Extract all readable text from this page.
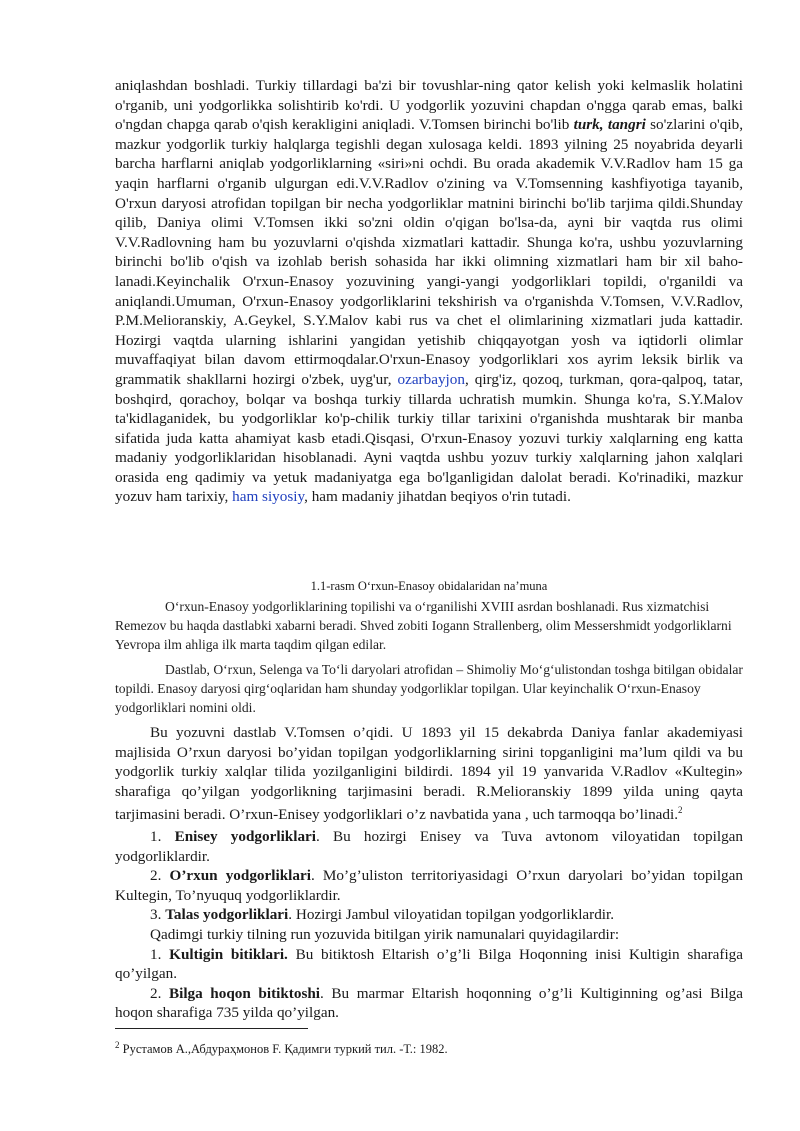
aniqlashdan boshladi. Turkiy tillardagi ba'zi bir tovushlar-ning qator kelish yoki kelmaslik holatini o'rganib, uni yodgorlikka solishtirib ko'rdi. U yodgorlik yozuvini chapdan o'ngga qarab emas, balki o'ngdan chapga qarab o'qish kerakligini aniqladi. V.Tomsen birinchi bo'lib turk, tangri so'zlarini o'qib, mazkur yodgorlik turkiy halqlarga tegishli degan xulosaga keldi. 1893 yilning 25 noyabrida deyarli barcha harflarni aniqlab yodgorliklarning «siri»ni ochdi. Bu orada akademik V.V.Radlov ham 15 ga yaqin harflarni o'rganib ulgurgan edi.V.V.Radlov o'zining va V.Tomsenning kashfiyotiga tayanib, O'rxun daryosi atrofidan topilgan bir necha yodgorliklar matnini birinchi bo'lib tarjima qildi.Shunday qilib, Daniya olimi V.Tomsen ikki so'zni oldin o'qigan bo'lsa-da, ayni bir vaqtda rus olimi V.V.Radlovning ham bu yozuvlarni o'qishda xizmatlari kattadir. Shunga ko'ra, ushbu yozuvlarning birinchi bo'lib o'qish va izohlab berish sohasida har ikki olimning xizmatlari ham bir xil baho-lanadi.Keyinchalik O'rxun-Enasoy yozuvining yangi-yangi yodgorliklari topildi, o'rganildi va aniqlandi.Umuman, O'rxun-Enasoy yodgorliklarini tekshirish va o'rganishda V.Tomsen, V.V.Radlov, P.M.Melioranskiy, A.Geykel, S.Y.Malov kabi rus va chet el olimlarining xizmatlari juda kattadir. Hozirgi vaqtda ularning ishlarini yangidan yetishib chiqqayotgan yosh va iqtidorli olimlar muvaffaqiyat bilan davom ettirmoqdalar.O'rxun-Enasoy yodgorliklari xos ayrim leksik birlik va grammatik shakllarni hozirgi o'zbek, uyg'ur, ozarbayjon, qirg'iz, qozoq, turkman, qora-qalpoq, tatar, boshqird, qorachoy, bolqar va boshqa turkiy tillarda uchratish mumkin. Shunga ko'ra, S.Y.Malov ta'kidlaganidek, bu yodgorliklar ko'p-chilik turkiy tillar tarixini o'rganishda mushtarak bir manba sifatida juda katta ahamiyat kasb etadi.Qisqasi, O'rxun-Enasoy yozuvi turkiy xalqlarning eng katta madaniy yodgorliklaridan hisoblanadi. Ayni vaqtda ushbu yozuv turkiy xalqlarning jahon xalqlari orasida eng qadimiy va yetuk madaniyatga ega bo'lganligidan dalolat beradi. Ko'rinadiki, mazkur yozuv ham tarixiy, ham siyosiy, ham madaniy jihatdan beqiyos o'rin tutadi.

1.1-rasm O‘rxun-Enasoy obidalaridan na’muna

O‘rxun-Enasoy yodgorliklarining topilishi va o‘rganilishi XVIII asrdan boshlanadi. Rus xizmatchisi Remezov bu haqda dastlabki xabarni beradi. Shved zobiti Iogann Strallenberg, olim Messershmidt yodgorliklarni Yevropa ilm ahliga ilk marta taqdim qilgan edilar.

Dastlab, O‘rxun, Selenga va To‘li daryolari atrofidan – Shimoliy Mo‘g‘ulistondan toshga bitilgan obidalar topildi. Enasoy daryosi qirg‘oqlaridan ham shunday yodgorliklar topilgan. Ular keyinchalik O‘rxun-Enasoy yodgorliklari nomini oldi.

Bu yozuvni dastlab V.Tomsen o’qidi. U 1893 yil 15 dekabrda Daniya fanlar akademiyasi majlisida O’rxun daryosi bo’yidan topilgan yodgorliklarning sirini topganligini ma’lum qildi va bu yodgorlik turkiy xalqlar tilida yozilganligini bildirdi. 1894 yil 19 yanvarida V.Radlov «Kultegin» sharafiga qo’yilgan yodgorlikning tarjimasini beradi. R.Melioranskiy 1899 yilda uning qayta tarjimasini beradi. O’rxun-Enisey yodgorliklari o’z navbatida yana , uch tarmoqqa bo’linadi.$^2$

1. Enisey yodgorliklari. Bu hozirgi Enisey va Tuva avtonom viloyatidan topilgan yodgorliklardir.

2. O’rxun yodgorliklari. Mo’g’uliston territoriyasidagi O’rxun daryolari bo’yidan topilgan Kultegin, To’nyuquq yodgorliklardir.

3. Talas yodgorliklari. Hozirgi Jambul viloyatidan topilgan yodgorliklardir.

Qadimgi turkiy tilning run yozuvida bitilgan yirik namunalari quyidagilardir:

1. Kultigin bitiklari. Bu bitiktosh Eltarish o’g’li Bilga Hoqonning inisi Kultigin sharafiga qo’yilgan.

2. Bilga hoqon bitiktoshi. Bu marmar Eltarish hoqonning o’g’li Kultiginning og’asi Bilga hoqon sharafiga 735 yilda qo’yilgan.

$^2$ Рустамов А.,Абдураҳмонов F. Қадимги туркий тил. -Т.: 1982.
